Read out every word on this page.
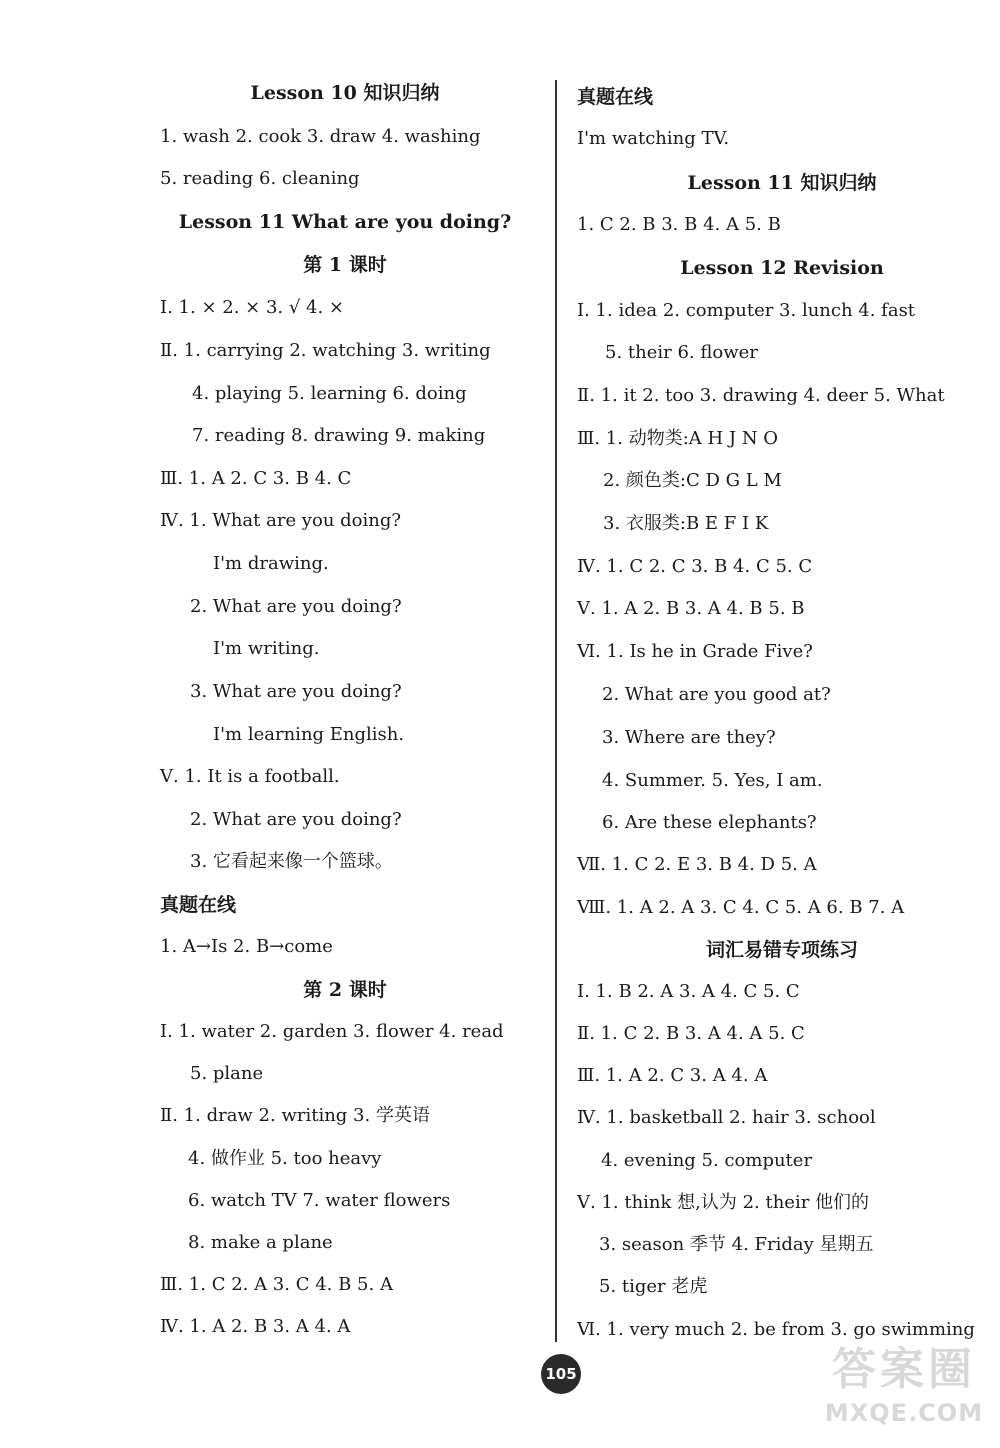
Lesson 10 知识归纳
1. wash 2. cook 3. draw 4. washing
5. reading 6. cleaning
Lesson 11 What are you doing?
第 1 课时
Ⅰ. 1. × 2. × 3. √ 4. ×
Ⅱ. 1. carrying 2. watching 3. writing
4. playing 5. learning 6. doing
7. reading 8. drawing 9. making
Ⅲ. 1. A 2. C 3. B 4. C
Ⅳ. 1. What are you doing?
I'm drawing.
2. What are you doing?
I'm writing.
3. What are you doing?
I'm learning English.
Ⅴ. 1. It is a football.
2. What are you doing?
3. 它看起来像一个篮球。
真题在线
1. A→Is 2. B→come
第 2 课时
Ⅰ. 1. water 2. garden 3. flower 4. read
5. plane
Ⅱ. 1. draw 2. writing 3. 学英语
4. 做作业 5. too heavy
6. watch TV 7. water flowers
8. make a plane
Ⅲ. 1. C 2. A 3. C 4. B 5. A
Ⅳ. 1. A 2. B 3. A 4. A
真题在线
I'm watching TV.
Lesson 11 知识归纳
1. C 2. B 3. B 4. A 5. B
Lesson 12 Revision
Ⅰ. 1. idea 2. computer 3. lunch 4. fast
5. their 6. flower
Ⅱ. 1. it 2. too 3. drawing 4. deer 5. What
Ⅲ. 1. 动物类:A H J N O
2. 颜色类:C D G L M
3. 衣服类:B E F I K
Ⅳ. 1. C 2. C 3. B 4. C 5. C
Ⅴ. 1. A 2. B 3. A 4. B 5. B
Ⅵ. 1. Is he in Grade Five?
2. What are you good at?
3. Where are they?
4. Summer. 5. Yes, I am.
6. Are these elephants?
Ⅶ. 1. C 2. E 3. B 4. D 5. A
Ⅷ. 1. A 2. A 3. C 4. C 5. A 6. B 7. A
词汇易错专项练习
Ⅰ. 1. B 2. A 3. A 4. C 5. C
Ⅱ. 1. C 2. B 3. A 4. A 5. C
Ⅲ. 1. A 2. C 3. A 4. A
Ⅳ. 1. basketball 2. hair 3. school
4. evening 5. computer
Ⅴ. 1. think 想,认为 2. their 他们的
3. season 季节 4. Friday 星期五
5. tiger 老虎
Ⅵ. 1. very much 2. be from 3. go swimming
105	答案圈
MXQE.COM
